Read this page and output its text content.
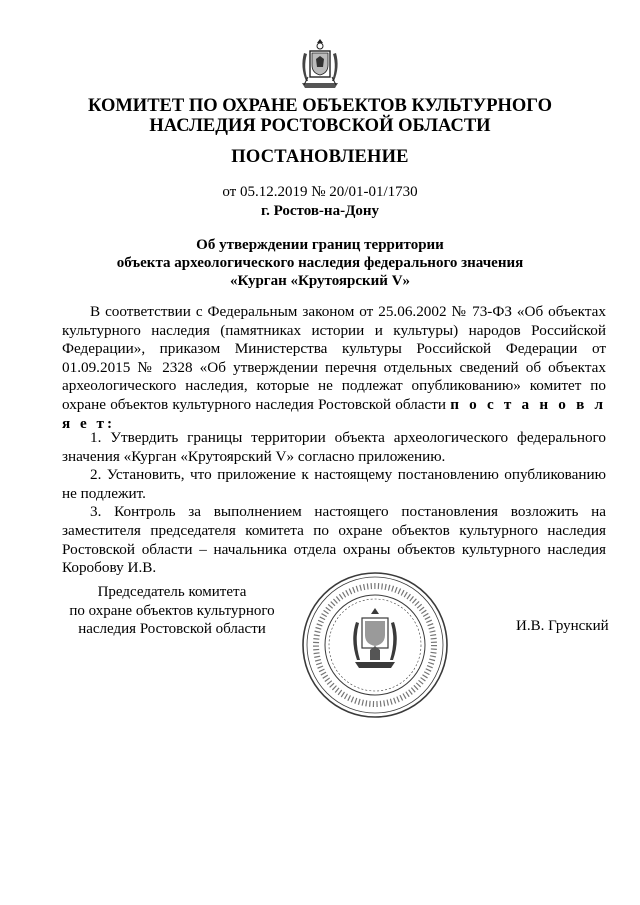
КОМИТЕТ ПО ОХРАНЕ ОБЪЕКТОВ КУЛЬТУРНОГО
НАСЛЕДИЯ РОСТОВСКОЙ ОБЛАСТИ
ПОСТАНОВЛЕНИЕ
от 05.12.2019 № 20/01-01/1730
г. Ростов-на-Дону
Об утверждении границ территории
объекта археологического наследия федерального значения
«Курган «Крутоярский V»

В соответствии с Федеральным законом от 25.06.2002 № 73-ФЗ «Об объектах культурного наследия (памятниках истории и культуры) народов Российской Федерации», приказом Министерства культуры Российской Федерации от 01.09.2015 № 2328 «Об утверждении перечня отдельных сведений об объектах археологического наследия, которые не подлежат опубликованию» комитет по охране объектов культурного наследия Ростовской области п о с т а н о в л я е т:

1. Утвердить границы территории объекта археологического федерального значения «Курган «Крутоярский V» согласно приложению.

2. Установить, что приложение к настоящему постановлению опубликованию не подлежит.

3. Контроль за выполнением настоящего постановления возложить на заместителя председателя комитета по охране объектов культурного наследия Ростовской области – начальника отдела охраны объектов культурного наследия Коробову И.В.

Председатель комитета
по охране объектов культурного
наследия Ростовской области	И.В. Грунский
